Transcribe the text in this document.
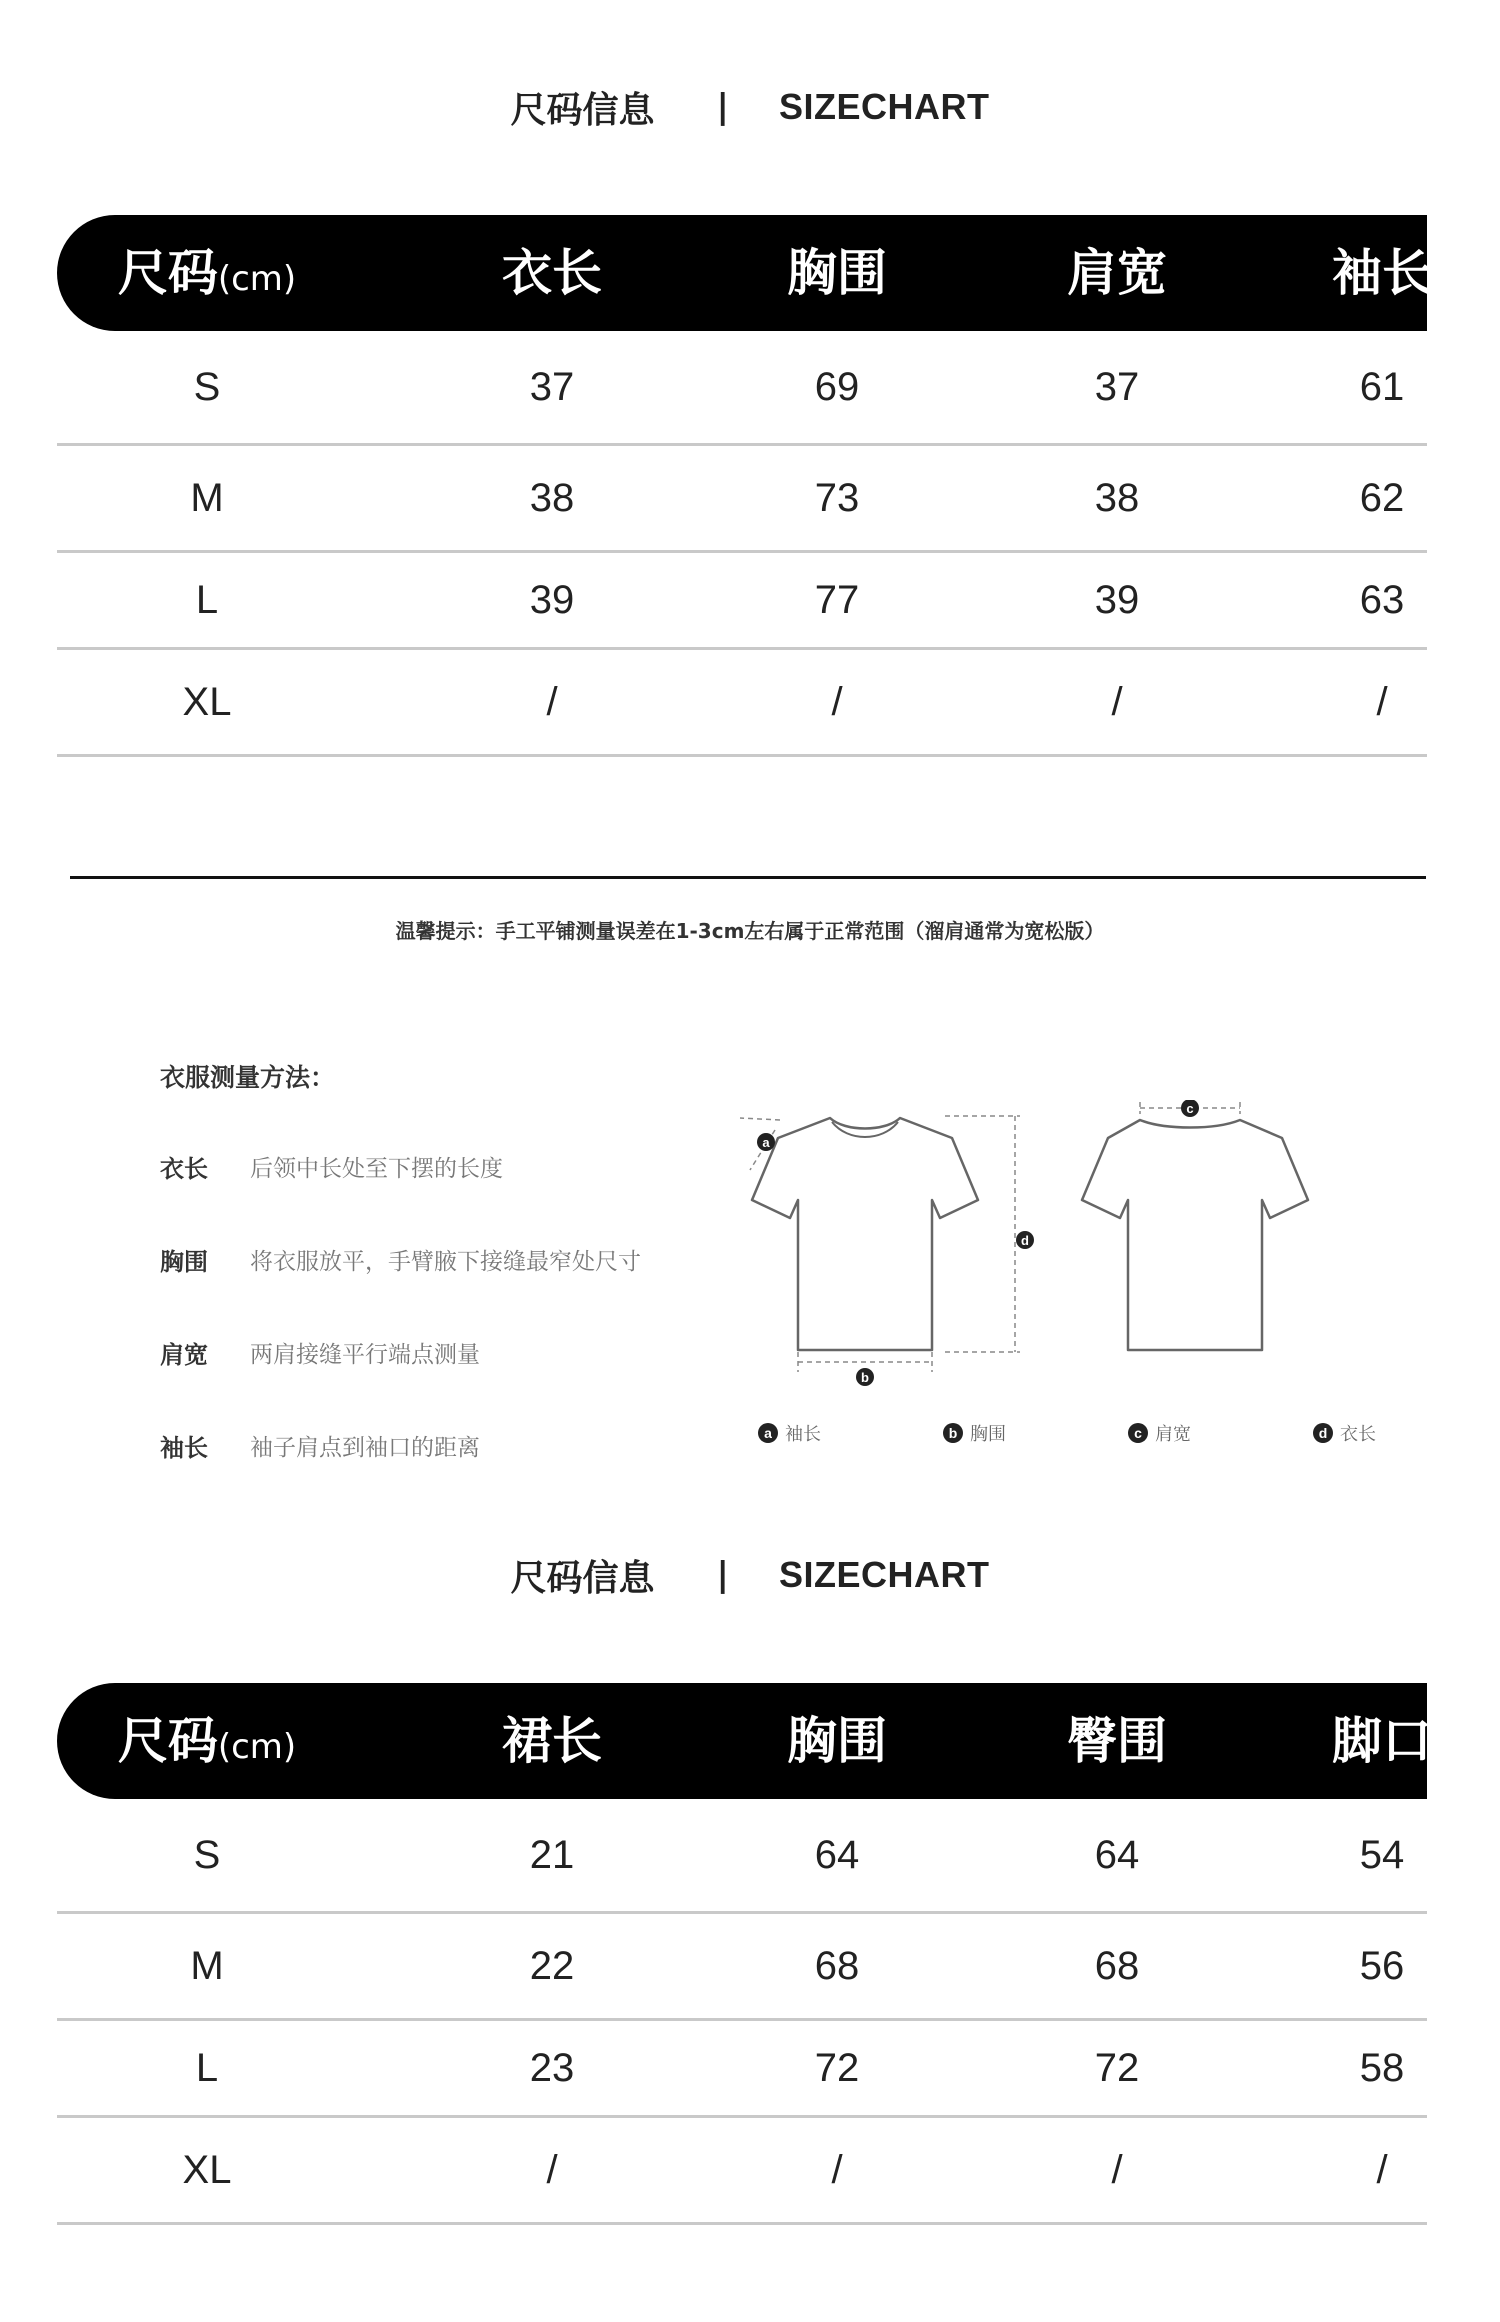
尺码信息 | SIZECHART
尺码(cm)	衣长	胸围	肩宽	袖长
S	37	69	37	61
M	38	73	38	62
L	39	77	39	63
XL	/	/	/	/
温馨提示：手工平铺测量误差在1-3cm左右属于正常范围（溜肩通常为宽松版）
衣服测量方法：
衣长	后领中长处至下摆的长度
胸围	将衣服放平，手臂腋下接缝最窄处尺寸
肩宽	两肩接缝平行端点测量
袖长	袖子肩点到袖口的距离
a
b
c
d
a 袖长	b 胸围	c 肩宽	d 衣长
尺码信息 | SIZECHART
尺码(cm)	裙长	胸围	臀围	脚口
S	21	64	64	54
M	22	68	68	56
L	23	72	72	58
XL	/	/	/	/
